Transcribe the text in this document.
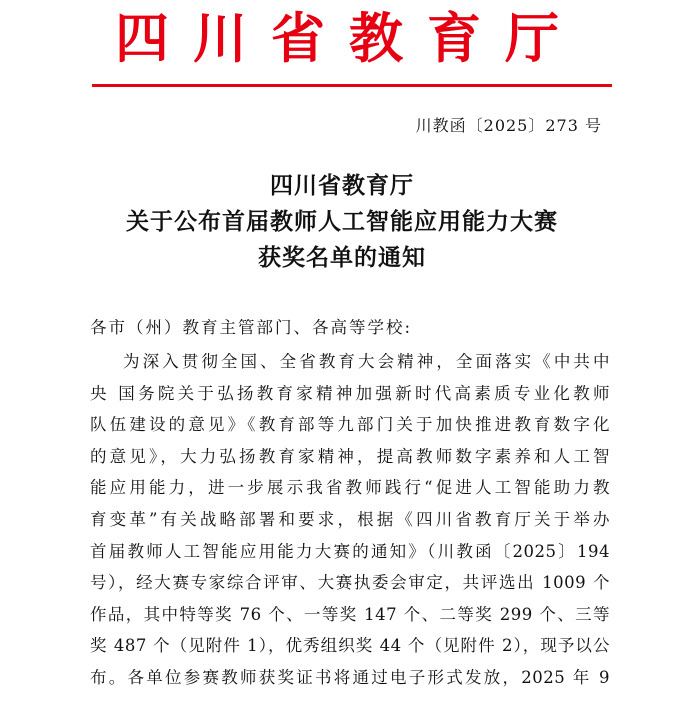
四川省教育厅
川教函〔2025〕273 号
四川省教育厅
关于公布首届教师人工智能应用能力大赛
获奖名单的通知
各市（州）教育主管部门、各高等学校:
为深入贯彻全国、全省教育大会精神，全面落实《中共中
央 国务院关于弘扬教育家精神加强新时代高素质专业化教师
队伍建设的意见》《教育部等九部门关于加快推进教育数字化
的意见》，大力弘扬教育家精神，提高教师数字素养和人工智
能应用能力，进一步展示我省教师践行“促进人工智能助力教
育变革”有关战略部署和要求，根据《四川省教育厅关于举办
首届教师人工智能应用能力大赛的通知》（川教函〔2025〕194
号），经大赛专家综合评审、大赛执委会审定，共评选出 1009 个
作品，其中特等奖 76 个、一等奖 147 个、二等奖 299 个、三等
奖 487 个（见附件 1），优秀组织奖 44 个（见附件 2），现予以公
布。各单位参赛教师获奖证书将通过电子形式发放，2025 年 9
